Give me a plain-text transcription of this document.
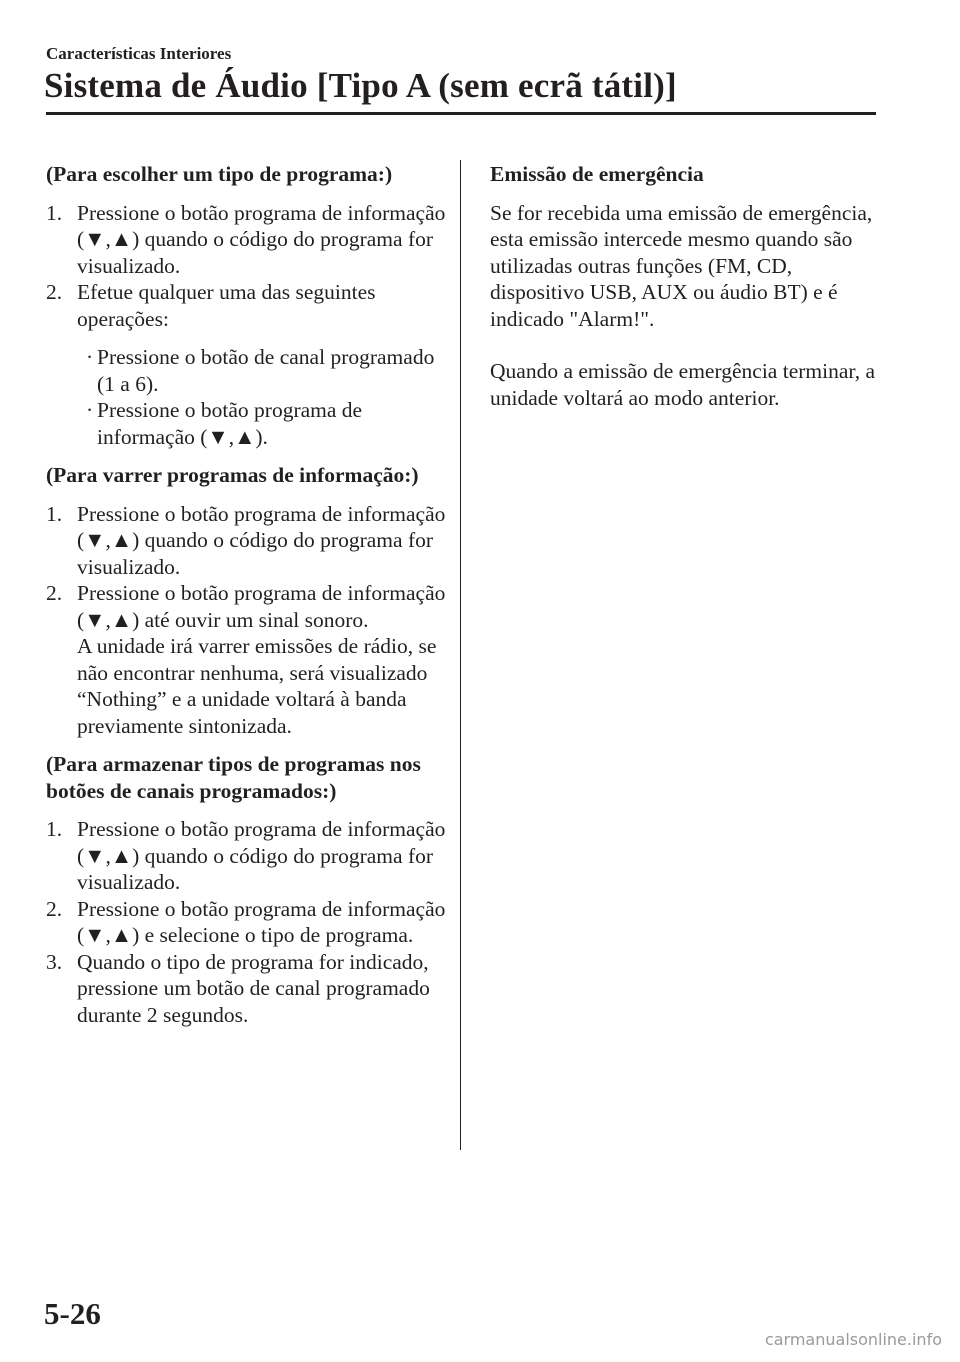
Características Interiores
Sistema de Áudio [Tipo A (sem ecrã tátil)]
(Para escolher um tipo de programa:)
1. Pressione o botão programa de informação (▼,▲) quando o código do programa for visualizado.
2. Efetue qualquer uma das seguintes operações:
· Pressione o botão de canal programado (1 a 6).
· Pressione o botão programa de informação (▼,▲).
(Para varrer programas de informação:)
1. Pressione o botão programa de informação (▼,▲) quando o código do programa for visualizado.
2. Pressione o botão programa de informação (▼,▲) até ouvir um sinal sonoro.
A unidade irá varrer emissões de rádio, se não encontrar nenhuma, será visualizado “Nothing” e a unidade voltará à banda previamente sintonizada.
(Para armazenar tipos de programas nos botões de canais programados:)
1. Pressione o botão programa de informação (▼,▲) quando o código do programa for visualizado.
2. Pressione o botão programa de informação (▼,▲) e selecione o tipo de programa.
3. Quando o tipo de programa for indicado, pressione um botão de canal programado durante 2 segundos.
Emissão de emergência

Se for recebida uma emissão de emergência, esta emissão intercede mesmo quando são utilizadas outras funções (FM, CD, dispositivo USB, AUX ou áudio BT) e é indicado "Alarm!".

Quando a emissão de emergência terminar, a unidade voltará ao modo anterior.

5-26
carmanualsonline.info
